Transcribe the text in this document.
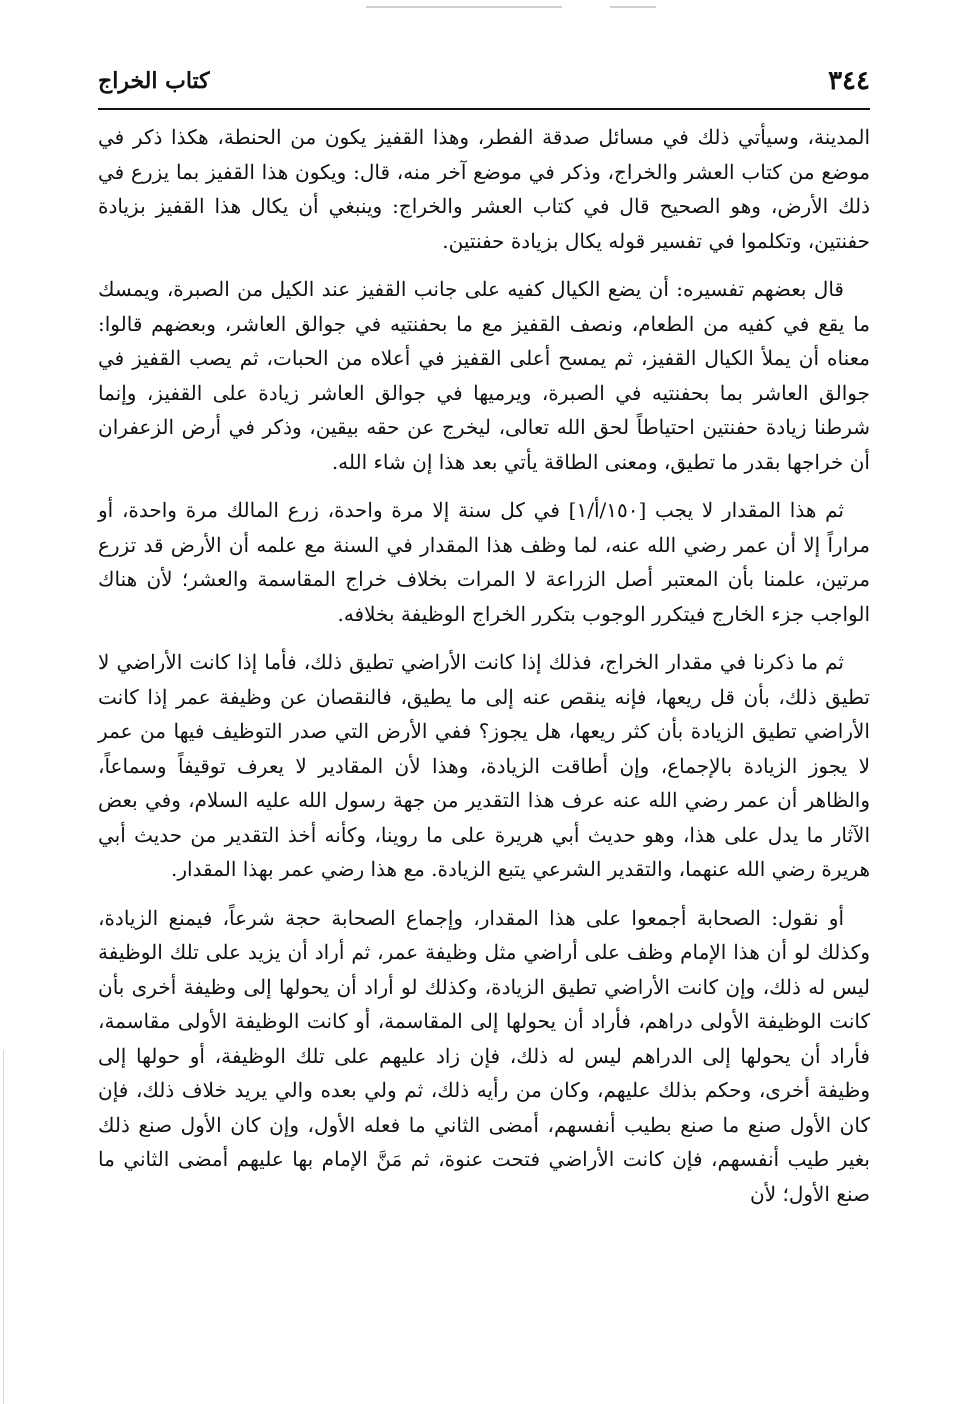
٣٤٤
كتاب الخراج

المدينة، وسيأتي ذلك في مسائل صدقة الفطر، وهذا القفيز يكون من الحنطة، هكذا ذكر في موضع من كتاب العشر والخراج، وذكر في موضع آخر منه، قال: ويكون هذا القفيز بما يزرع في ذلك الأرض، وهو الصحيح قال في كتاب العشر والخراج: وينبغي أن يكال هذا القفيز بزيادة حفنتين، وتكلموا في تفسير قوله يكال بزيادة حفنتين.

قال بعضهم تفسيره: أن يضع الكيال كفيه على جانب القفيز عند الكيل من الصبرة، ويمسك ما يقع في كفيه من الطعام، ونصف القفيز مع ما بحفنتيه في جوالق العاشر، وبعضهم قالوا: معناه أن يملأ الكيال القفيز، ثم يمسح أعلى القفيز في أعلاه من الحبات، ثم يصب القفيز في جوالق العاشر بما بحفنتيه في الصبرة، ويرميها في جوالق العاشر زيادة على القفيز، وإنما شرطنا زيادة حفنتين احتياطاً لحق الله تعالى، ليخرج عن حقه بيقين، وذكر في أرض الزعفران أن خراجها بقدر ما تطيق، ومعنى الطاقة يأتي بعد هذا إن شاء الله.

ثم هذا المقدار لا يجب [١٥٠/أ/١] في كل سنة إلا مرة واحدة، زرع المالك مرة واحدة، أو مراراً إلا أن عمر رضي الله عنه، لما وظف هذا المقدار في السنة مع علمه أن الأرض قد تزرع مرتين، علمنا بأن المعتبر أصل الزراعة لا المرات بخلاف خراج المقاسمة والعشر؛ لأن هناك الواجب جزء الخارج فيتكرر الوجوب بتكرر الخراج الوظيفة بخلافه.

ثم ما ذكرنا في مقدار الخراج، فذلك إذا كانت الأراضي تطيق ذلك، فأما إذا كانت الأراضي لا تطيق ذلك، بأن قل ريعها، فإنه ينقص عنه إلى ما يطيق، فالنقصان عن وظيفة عمر إذا كانت الأراضي تطيق الزيادة بأن كثر ريعها، هل يجوز؟ ففي الأرض التي صدر التوظيف فيها من عمر لا يجوز الزيادة بالإجماع، وإن أطاقت الزيادة، وهذا لأن المقادير لا يعرف توقيفاً وسماعاً، والظاهر أن عمر رضي الله عنه عرف هذا التقدير من جهة رسول الله عليه السلام، وفي بعض الآثار ما يدل على هذا، وهو حديث أبي هريرة على ما روينا، وكأنه أخذ التقدير من حديث أبي هريرة رضي الله عنهما، والتقدير الشرعي يتبع الزيادة. مع هذا رضي عمر بهذا المقدار.

أو نقول: الصحابة أجمعوا على هذا المقدار، وإجماع الصحابة حجة شرعاً، فيمنع الزيادة، وكذلك لو أن هذا الإمام وظف على أراضي مثل وظيفة عمر، ثم أراد أن يزيد على تلك الوظيفة ليس له ذلك، وإن كانت الأراضي تطيق الزيادة، وكذلك لو أراد أن يحولها إلى وظيفة أخرى بأن كانت الوظيفة الأولى دراهم، فأراد أن يحولها إلى المقاسمة، أو كانت الوظيفة الأولى مقاسمة، فأراد أن يحولها إلى الدراهم ليس له ذلك، فإن زاد عليهم على تلك الوظيفة، أو حولها إلى وظيفة أخرى، وحكم بذلك عليهم، وكان من رأيه ذلك، ثم ولي بعده والي يريد خلاف ذلك، فإن كان الأول صنع ما صنع بطيب أنفسهم، أمضى الثاني ما فعله الأول، وإن كان الأول صنع ذلك بغير طيب أنفسهم، فإن كانت الأراضي فتحت عنوة، ثم مَنَّ الإمام بها عليهم أمضى الثاني ما صنع الأول؛ لأن
